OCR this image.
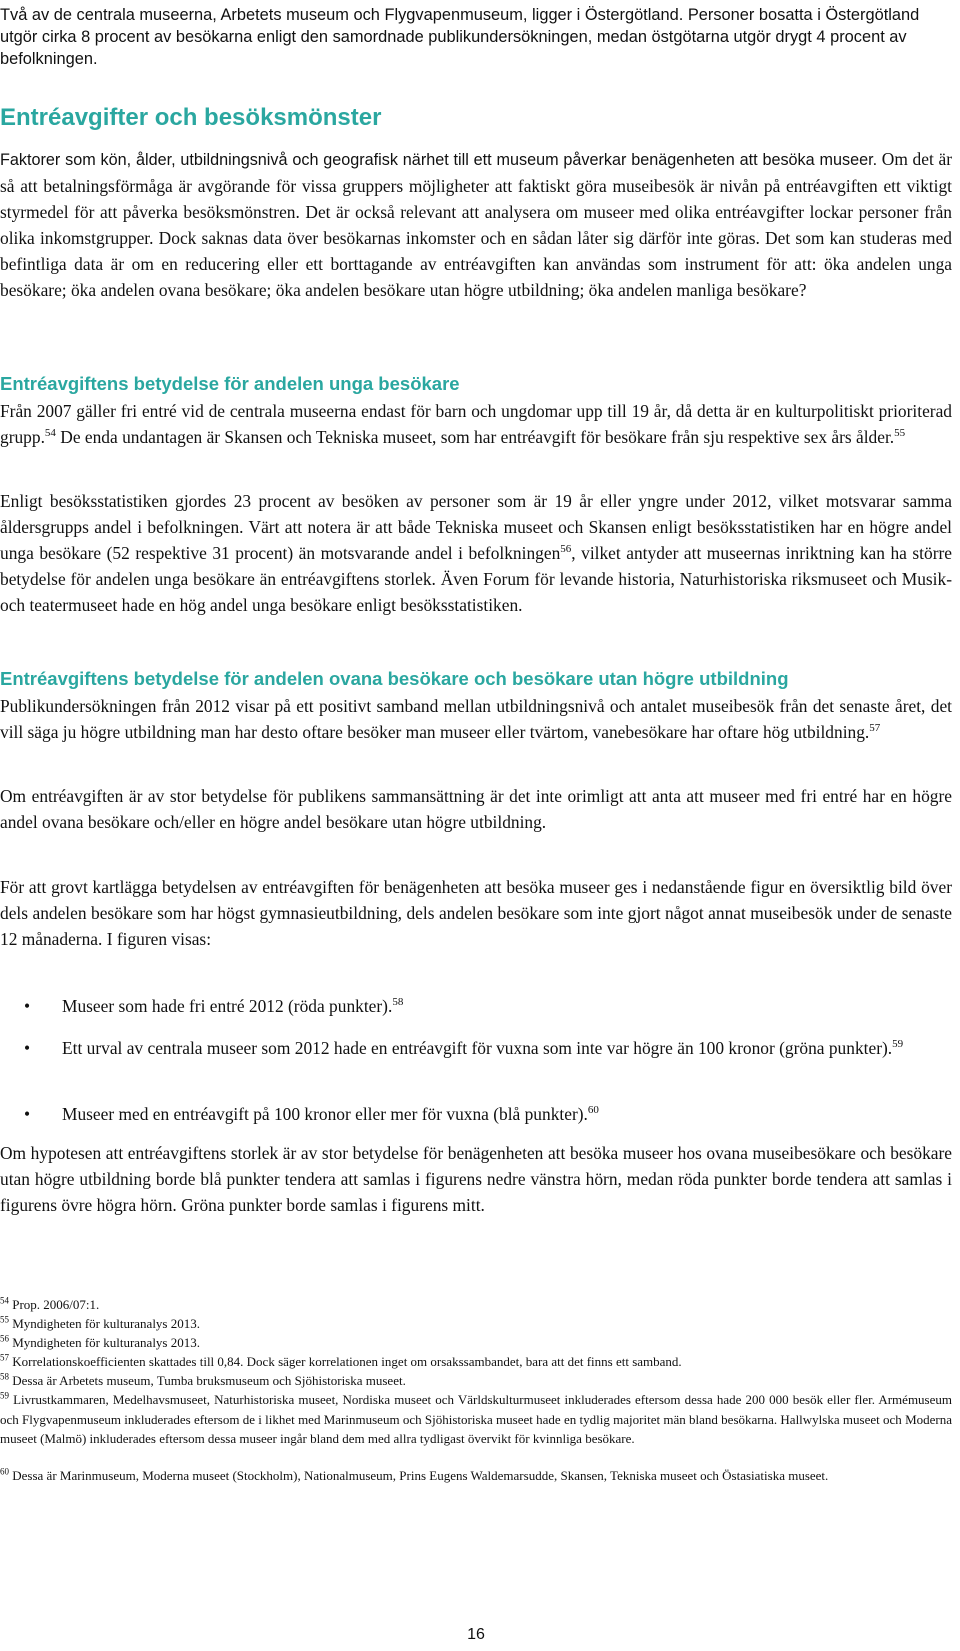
Två av de centrala museerna, Arbetets museum och Flygvapenmuseum, ligger i Östergötland. Personer bosatta i Östergötland utgör cirka 8 procent av besökarna enligt den samordnade publikundersökningen, medan östgötarna utgör drygt 4 procent av befolkningen.

Entréavgifter och besöksmönster

Faktorer som kön, ålder, utbildningsnivå och geografisk närhet till ett museum påverkar benägenheten att besöka museer. Om det är så att betalningsförmåga är avgörande för vissa gruppers möjligheter att faktiskt göra museibesök är nivån på entréavgiften ett viktigt styrmedel för att påverka besöksmönstren. Det är också relevant att analysera om museer med olika entréavgifter lockar personer från olika inkomstgrupper. Dock saknas data över besökarnas inkomster och en sådan låter sig därför inte göras. Det som kan studeras med befintliga data är om en reducering eller ett borttagande av entréavgiften kan användas som instrument för att: öka andelen unga besökare; öka andelen ovana besökare; öka andelen besökare utan högre utbildning; öka andelen manliga besökare?

Entréavgiftens betydelse för andelen unga besökare

Från 2007 gäller fri entré vid de centrala museerna endast för barn och ungdomar upp till 19 år, då detta är en kulturpolitiskt prioriterad grupp.$^{54}$ De enda undantagen är Skansen och Tekniska museet, som har entréavgift för besökare från sju respektive sex års ålder.$^{55}$

Enligt besöksstatistiken gjordes 23 procent av besöken av personer som är 19 år eller yngre under 2012, vilket motsvarar samma åldersgrupps andel i befolkningen. Värt att notera är att både Tekniska museet och Skansen enligt besöksstatistiken har en högre andel unga besökare (52 respektive 31 procent) än motsvarande andel i befolkningen$^{56}$, vilket antyder att museernas inriktning kan ha större betydelse för andelen unga besökare än entréavgiftens storlek. Även Forum för levande historia, Naturhistoriska riksmuseet och Musik- och teatermuseet hade en hög andel unga besökare enligt besöksstatistiken.

Entréavgiftens betydelse för andelen ovana besökare och besökare utan högre utbildning

Publikundersökningen från 2012 visar på ett positivt samband mellan utbildningsnivå och antalet museibesök från det senaste året, det vill säga ju högre utbildning man har desto oftare besöker man museer eller tvärtom, vanebesökare har oftare hög utbildning.$^{57}$

Om entréavgiften är av stor betydelse för publikens sammansättning är det inte orimligt att anta att museer med fri entré har en högre andel ovana besökare och/eller en högre andel besökare utan högre utbildning.

För att grovt kartlägga betydelsen av entréavgiften för benägenheten att besöka museer ges i nedanstående figur en översiktlig bild över dels andelen besökare som har högst gymnasieutbildning, dels andelen besökare som inte gjort något annat museibesök under de senaste 12 månaderna. I figuren visas:

• Museer som hade fri entré 2012 (röda punkter).$^{58}$
• Ett urval av centrala museer som 2012 hade en entréavgift för vuxna som inte var högre än 100 kronor (gröna punkter).$^{59}$
• Museer med en entréavgift på 100 kronor eller mer för vuxna (blå punkter).$^{60}$

Om hypotesen att entréavgiftens storlek är av stor betydelse för benägenheten att besöka museer hos ovana museibesökare och besökare utan högre utbildning borde blå punkter tendera att samlas i figurens nedre vänstra hörn, medan röda punkter borde tendera att samlas i figurens övre högra hörn. Gröna punkter borde samlas i figurens mitt.

$^{54}$ Prop. 2006/07:1.
$^{55}$ Myndigheten för kulturanalys 2013.
$^{56}$ Myndigheten för kulturanalys 2013.
$^{57}$ Korrelationskoefficienten skattades till 0,84. Dock säger korrelationen inget om orsakssambandet, bara att det finns ett samband.
$^{58}$ Dessa är Arbetets museum, Tumba bruksmuseum och Sjöhistoriska museet.
$^{59}$ Livrustkammaren, Medelhavsmuseet, Naturhistoriska museet, Nordiska museet och Världskulturmuseet inkluderades eftersom dessa hade 200 000 besök eller fler. Armémuseum och Flygvapenmuseum inkluderades eftersom de i likhet med Marinmuseum och Sjöhistoriska museet hade en tydlig majoritet män bland besökarna. Hallwylska museet och Moderna museet (Malmö) inkluderades eftersom dessa museer ingår bland dem med allra tydligast övervikt för kvinnliga besökare.
$^{60}$ Dessa är Marinmuseum, Moderna museet (Stockholm), Nationalmuseum, Prins Eugens Waldemarsudde, Skansen, Tekniska museet och Östasiatiska museet.
16
